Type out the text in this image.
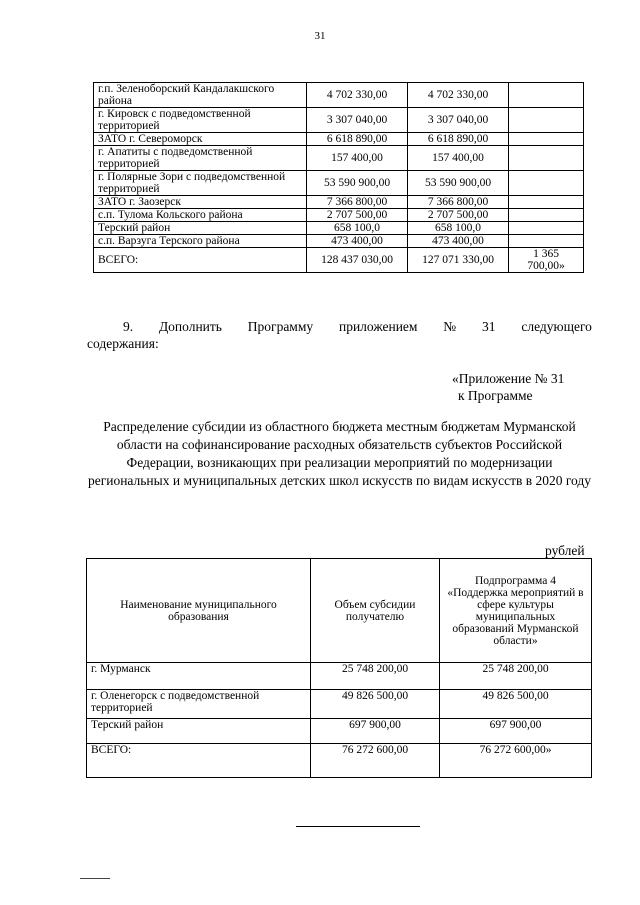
31
г.п. Зеленоборский Кандалакшского района	4 702 330,00	4 702 330,00	
г. Кировск с подведомственной территорией	3 307 040,00	3 307 040,00	
ЗАТО г. Североморск	6 618 890,00	6 618 890,00	
г. Апатиты с подведомственной территорией	157 400,00	157 400,00	
г. Полярные Зори с подведомственной территорией	53 590 900,00	53 590 900,00	
ЗАТО г. Заозерск	7 366 800,00	7 366 800,00	
с.п. Тулома Кольского района	2 707 500,00	2 707 500,00	
Терский район	658 100,0	658 100,0	
с.п. Варзуга Терского района	473 400,00	473 400,00	
ВСЕГО:	128 437 030,00	127 071 330,00	1 365 700,00»
9. Дополнить Программу приложением № 31 следующего
содержания:
«Приложение № 31
к Программе
Распределение субсидии из областного бюджета местным бюджетам Мурманской области на софинансирование расходных обязательств субъектов Российской Федерации, возникающих при реализации мероприятий по модернизации региональных и муниципальных детских школ искусств по видам искусств в 2020 году
рублей
Наименование муниципального образования	Объем субсидии получателю	Подпрограмма 4 «Поддержка мероприятий в сфере культуры муниципальных образований Мурманской области»
г. Мурманск	25 748 200,00	25 748 200,00
г. Оленегорск с подведомственной территорией	49 826 500,00	49 826 500,00
Терский район	697 900,00	697 900,00
ВСЕГО:	76 272 600,00	76 272 600,00»
